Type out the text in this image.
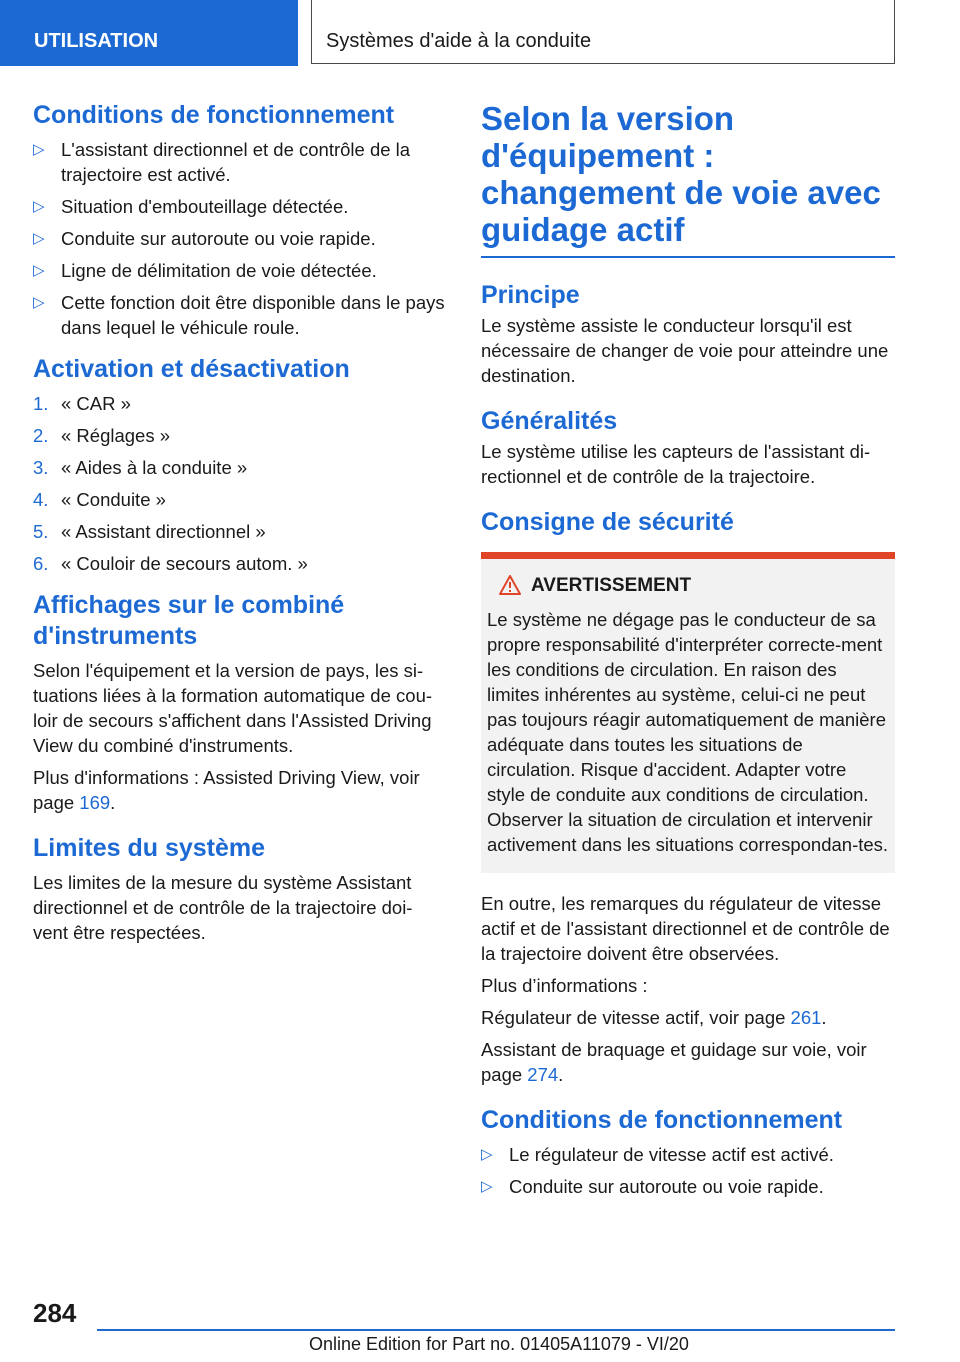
UTILISATION	Systèmes d'aide à la conduite
Conditions de fonctionnement
▷ L'assistant directionnel et de contrôle de la trajectoire est activé.
▷ Situation d'embouteillage détectée.
▷ Conduite sur autoroute ou voie rapide.
▷ Ligne de délimitation de voie détectée.
▷ Cette fonction doit être disponible dans le pays dans lequel le véhicule roule.
Activation et désactivation
1. « CAR »
2. « Réglages »
3. « Aides à la conduite »
4. « Conduite »
5. « Assistant directionnel »
6. « Couloir de secours autom. »
Affichages sur le combiné d'instruments

Selon l'équipement et la version de pays, les si-tuations liées à la formation automatique de cou-loir de secours s'affichent dans l'Assisted Driving View du combiné d'instruments.

Plus d'informations : Assisted Driving View, voir page 169.

Limites du système

Les limites de la mesure du système Assistant directionnel et de contrôle de la trajectoire doi-vent être respectées.

Selon la version d'équipement : changement de voie avec guidage actif
Principe

Le système assiste le conducteur lorsqu'il est nécessaire de changer de voie pour atteindre une destination.

Généralités

Le système utilise les capteurs de l'assistant di-rectionnel et de contrôle de la trajectoire.

Consigne de sécurité
AVERTISSEMENT

Le système ne dégage pas le conducteur de sa propre responsabilité d'interpréter correcte-ment les conditions de circulation. En raison des limites inhérentes au système, celui-ci ne peut pas toujours réagir automatiquement de manière adéquate dans toutes les situations de circulation. Risque d'accident. Adapter votre style de conduite aux conditions de circulation. Observer la situation de circulation et intervenir activement dans les situations correspondan-tes.

En outre, les remarques du régulateur de vitesse actif et de l'assistant directionnel et de contrôle de la trajectoire doivent être observées.

Plus d’informations :

Régulateur de vitesse actif, voir page 261.

Assistant de braquage et guidage sur voie, voir page 274.

Conditions de fonctionnement
▷ Le régulateur de vitesse actif est activé.
▷ Conduite sur autoroute ou voie rapide.
284
Online Edition for Part no. 01405A11079 - VI/20
